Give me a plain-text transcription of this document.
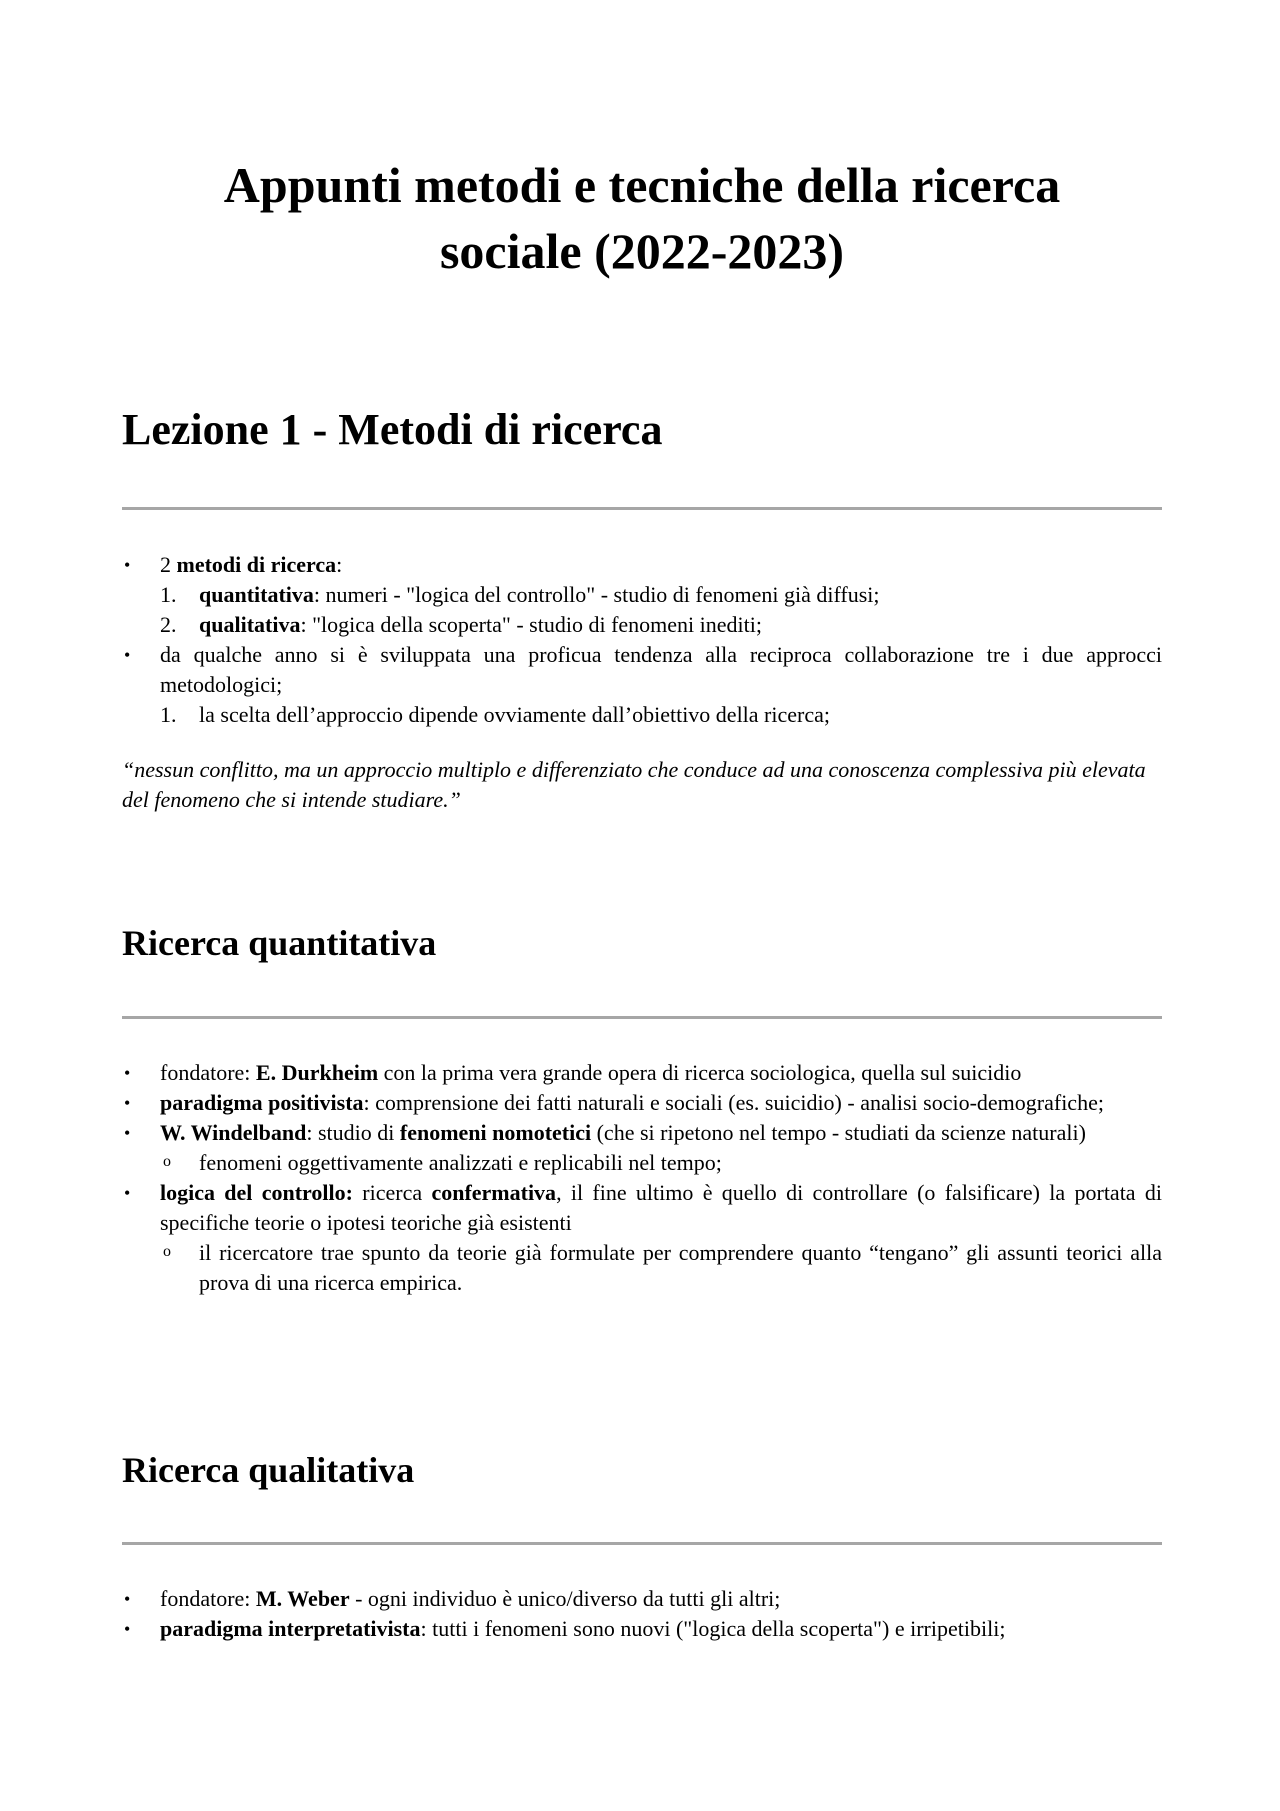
Appunti metodi e tecniche della ricerca
sociale (2022-2023)
Lezione 1 - Metodi di ricerca
• 2 metodi di ricerca:
1. quantitativa: numeri - "logica del controllo" - studio di fenomeni già diffusi;
2. qualitativa: "logica della scoperta" - studio di fenomeni inediti;
• da qualche anno si è sviluppata una proficua tendenza alla reciproca collaborazione tre i due approcci metodologici;
1. la scelta dell’approccio dipende ovviamente dall’obiettivo della ricerca;
“nessun conflitto, ma un approccio multiplo e differenziato che conduce ad una conoscenza complessiva più elevata del fenomeno che si intende studiare.”
Ricerca quantitativa
• fondatore: E. Durkheim con la prima vera grande opera di ricerca sociologica, quella sul suicidio
• paradigma positivista: comprensione dei fatti naturali e sociali (es. suicidio) - analisi socio-demografiche;
• W. Windelband: studio di fenomeni nomotetici (che si ripetono nel tempo - studiati da scienze naturali)
o fenomeni oggettivamente analizzati e replicabili nel tempo;
• logica del controllo: ricerca confermativa, il fine ultimo è quello di controllare (o falsificare) la portata di specifiche teorie o ipotesi teoriche già esistenti
o il ricercatore trae spunto da teorie già formulate per comprendere quanto “tengano” gli assunti teorici alla prova di una ricerca empirica.
Ricerca qualitativa
• fondatore: M. Weber - ogni individuo è unico/diverso da tutti gli altri;
• paradigma interpretativista: tutti i fenomeni sono nuovi ("logica della scoperta") e irripetibili;
